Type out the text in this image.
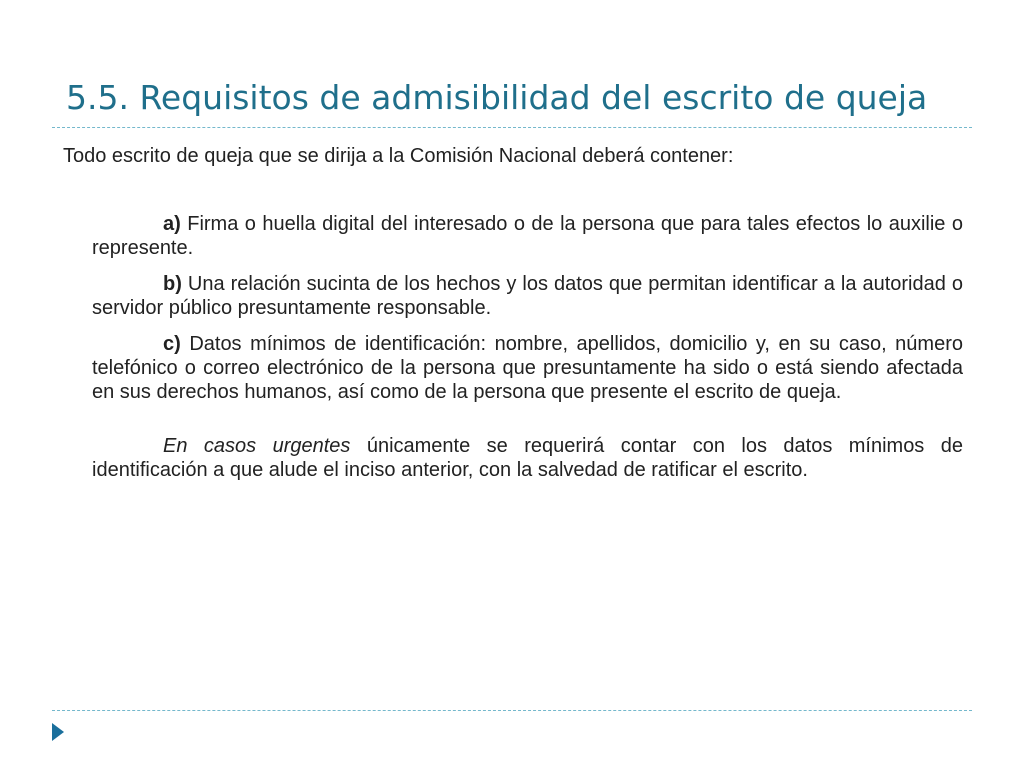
5.5. Requisitos de admisibilidad del escrito de queja

Todo escrito de queja que se dirija a la Comisión Nacional deberá contener:

a) Firma o huella digital del interesado o de la persona que para tales efectos lo auxilie o represente.

b) Una relación sucinta de los hechos y los datos que permitan identificar a la autoridad o servidor público presuntamente responsable.

c) Datos mínimos de identificación: nombre, apellidos, domicilio y, en su caso, número telefónico o correo electrónico de la persona que presuntamente ha sido o está siendo afectada en sus derechos humanos, así como de la persona que presente el escrito de queja.

En casos urgentes únicamente se requerirá contar con los datos mínimos de identificación a que alude el inciso anterior, con la salvedad de ratificar el escrito.
